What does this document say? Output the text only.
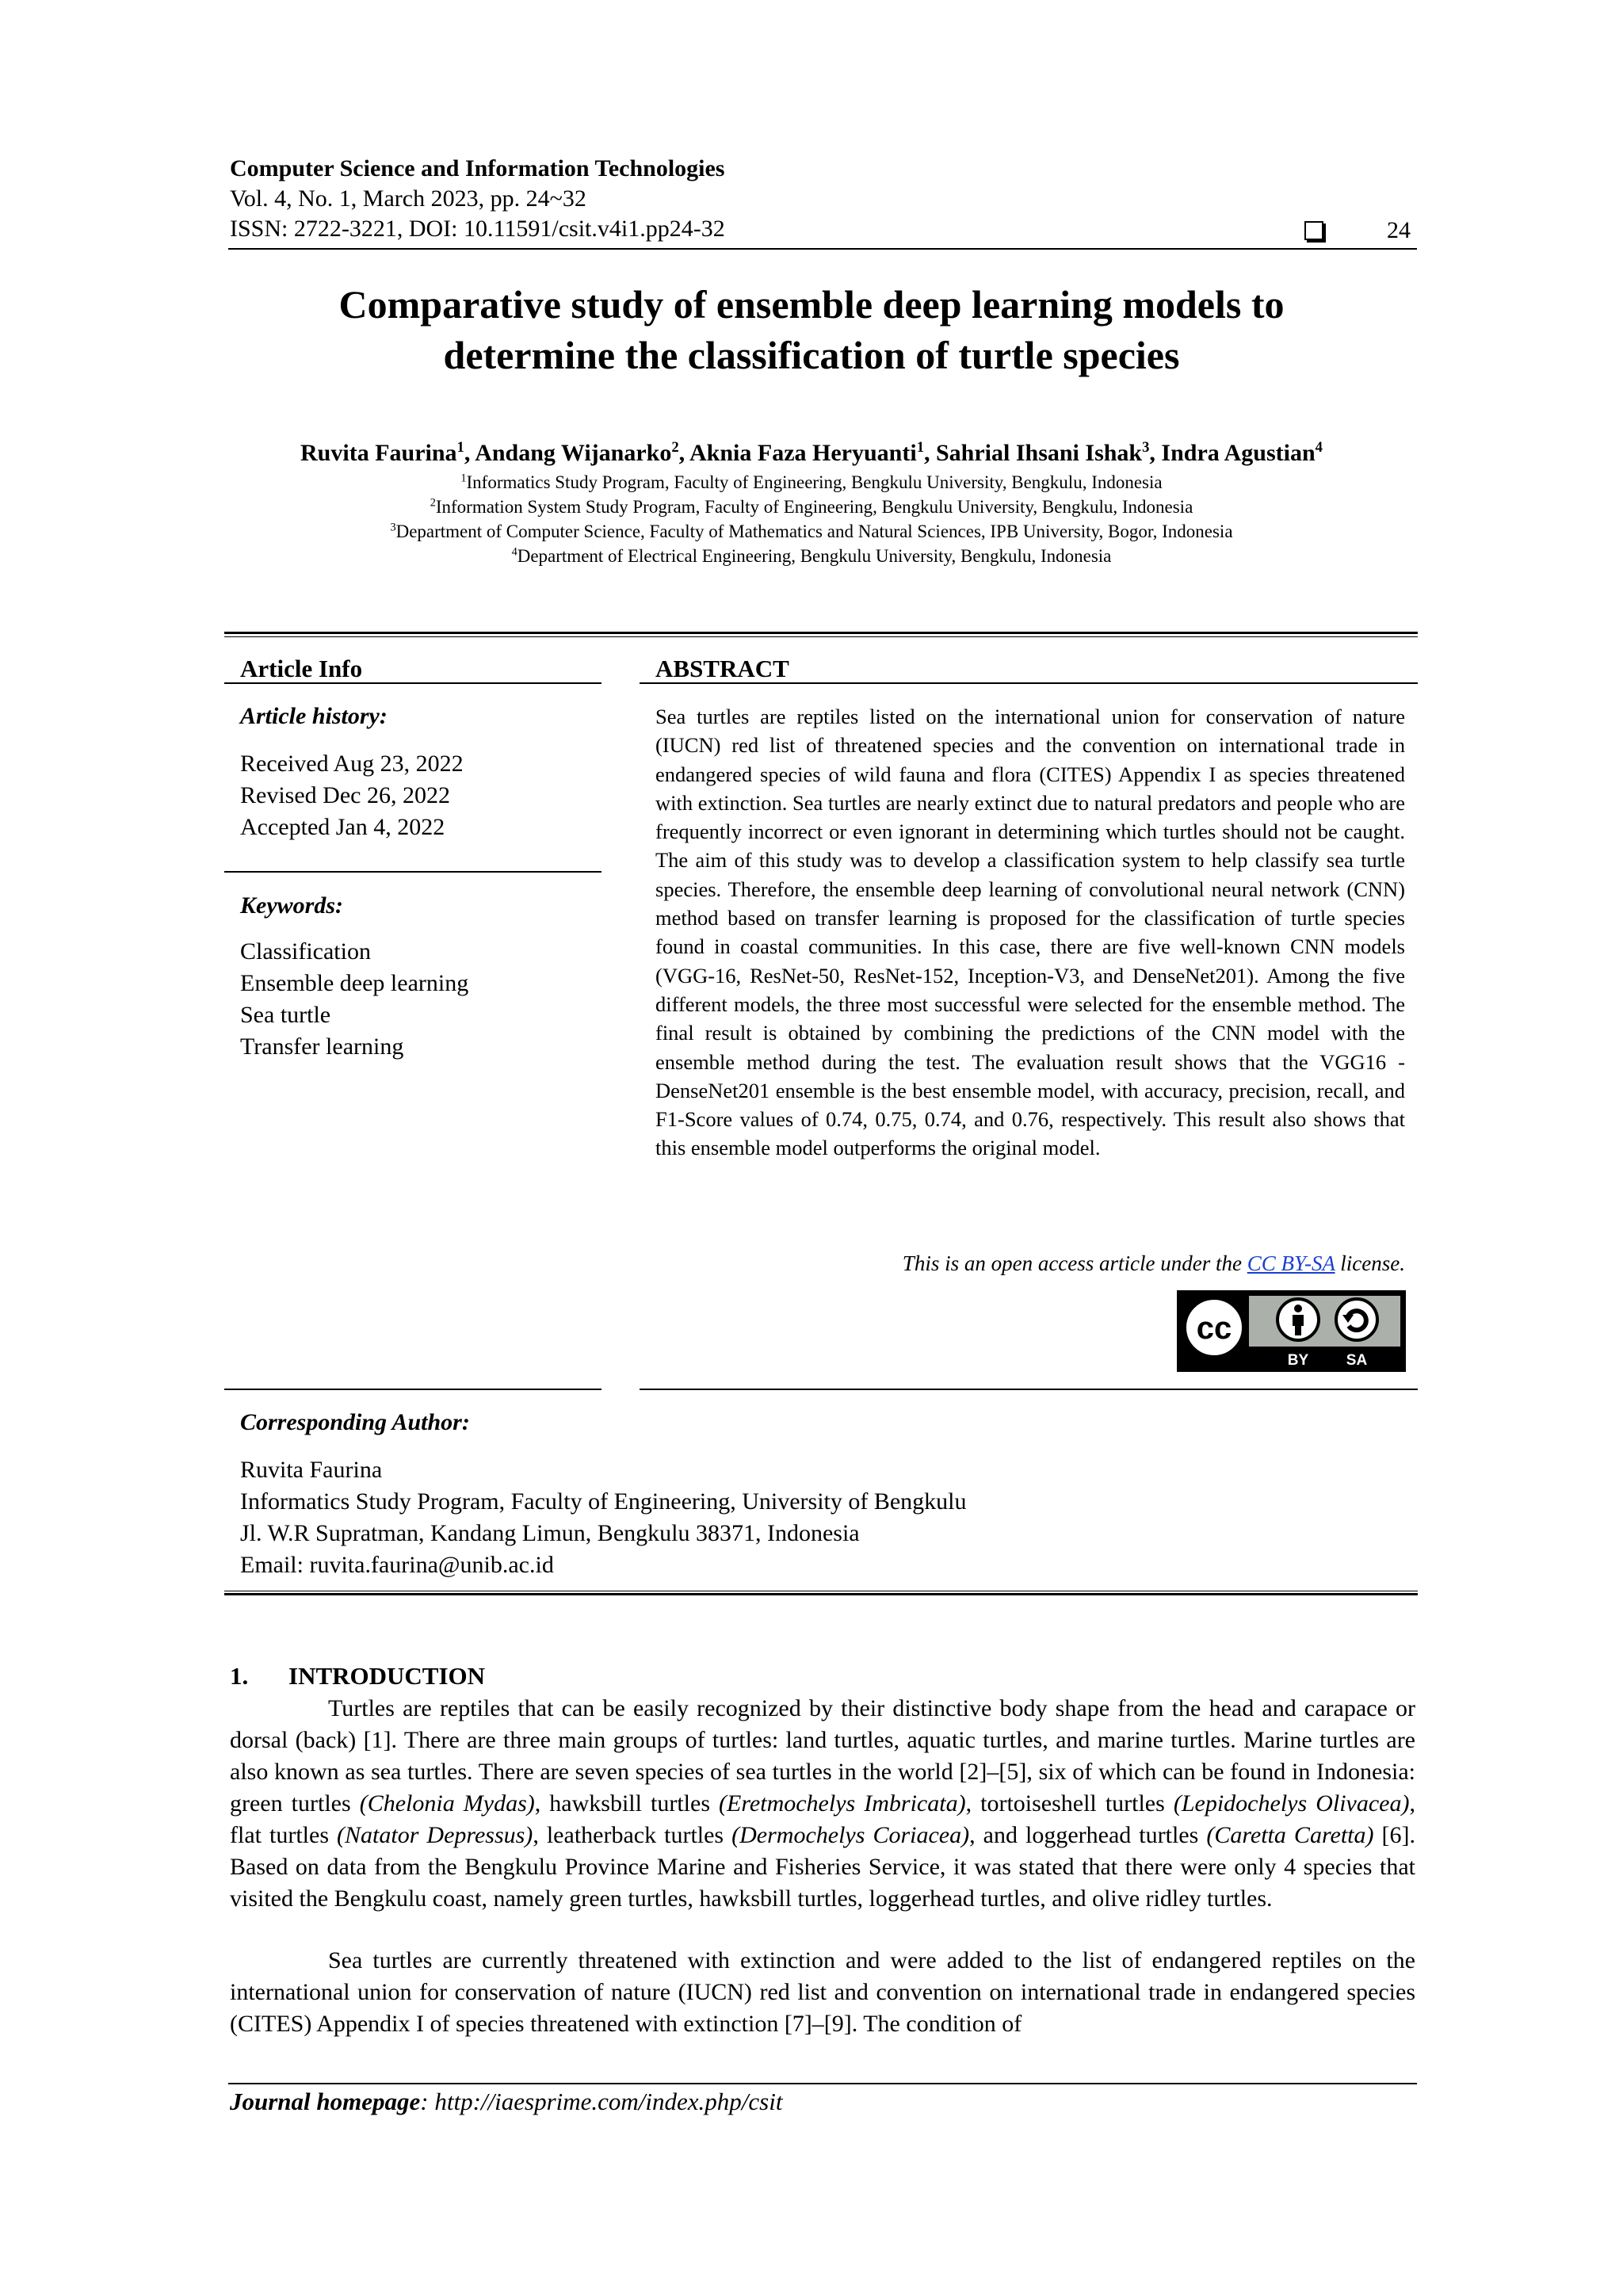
Computer Science and Information Technologies
Vol. 4, No. 1, March 2023, pp. 24~32
ISSN: 2722-3221, DOI: 10.11591/csit.v4i1.pp24-32	24
Comparative study of ensemble deep learning models to
determine the classification of turtle species
Ruvita Faurina$^1$, Andang Wijanarko$^2$, Aknia Faza Heryuanti$^1$, Sahrial Ihsani Ishak$^3$, Indra Agustian$^4$
$^1$Informatics Study Program, Faculty of Engineering, Bengkulu University, Bengkulu, Indonesia
$^2$Information System Study Program, Faculty of Engineering, Bengkulu University, Bengkulu, Indonesia
$^3$Department of Computer Science, Faculty of Mathematics and Natural Sciences, IPB University, Bogor, Indonesia
$^4$Department of Electrical Engineering, Bengkulu University, Bengkulu, Indonesia
Article Info
Article history:
Received Aug 23, 2022
Revised Dec 26, 2022
Accepted Jan 4, 2022
Keywords:
Classification
Ensemble deep learning
Sea turtle
Transfer learning
ABSTRACT
Sea turtles are reptiles listed on the international union for conservation of nature (IUCN) red list of threatened species and the convention on international trade in endangered species of wild fauna and flora (CITES) Appendix I as species threatened with extinction. Sea turtles are nearly extinct due to natural predators and people who are frequently incorrect or even ignorant in determining which turtles should not be caught. The aim of this study was to develop a classification system to help classify sea turtle species. Therefore, the ensemble deep learning of convolutional neural network (CNN) method based on transfer learning is proposed for the classification of turtle species found in coastal communities. In this case, there are five well-known CNN models (VGG-16, ResNet-50, ResNet-152, Inception-V3, and DenseNet201). Among the five different models, the three most successful were selected for the ensemble method. The final result is obtained by combining the predictions of the CNN model with the ensemble method during the test. The evaluation result shows that the VGG16 - DenseNet201 ensemble is the best ensemble model, with accuracy, precision, recall, and F1-Score values of 0.74, 0.75, 0.74, and 0.76, respectively. This result also shows that this ensemble model outperforms the original model.
This is an open access article under the CC BY-SA license.
cc
BY	SA
Corresponding Author:
Ruvita Faurina
Informatics Study Program, Faculty of Engineering, University of Bengkulu
Jl. W.R Supratman, Kandang Limun, Bengkulu 38371, Indonesia
Email: ruvita.faurina@unib.ac.id
1. INTRODUCTION
Turtles are reptiles that can be easily recognized by their distinctive body shape from the head and carapace or dorsal (back) [1]. There are three main groups of turtles: land turtles, aquatic turtles, and marine turtles. Marine turtles are also known as sea turtles. There are seven species of sea turtles in the world [2]–[5], six of which can be found in Indonesia: green turtles (Chelonia Mydas), hawksbill turtles (Eretmochelys Imbricata), tortoiseshell turtles (Lepidochelys Olivacea), flat turtles (Natator Depressus), leatherback turtles (Dermochelys Coriacea), and loggerhead turtles (Caretta Caretta) [6]. Based on data from the Bengkulu Province Marine and Fisheries Service, it was stated that there were only 4 species that visited the Bengkulu coast, namely green turtles, hawksbill turtles, loggerhead turtles, and olive ridley turtles.
Sea turtles are currently threatened with extinction and were added to the list of endangered reptiles on the international union for conservation of nature (IUCN) red list and convention on international trade in endangered species (CITES) Appendix I of species threatened with extinction [7]–[9]. The condition of
Journal homepage: http://iaesprime.com/index.php/csit
